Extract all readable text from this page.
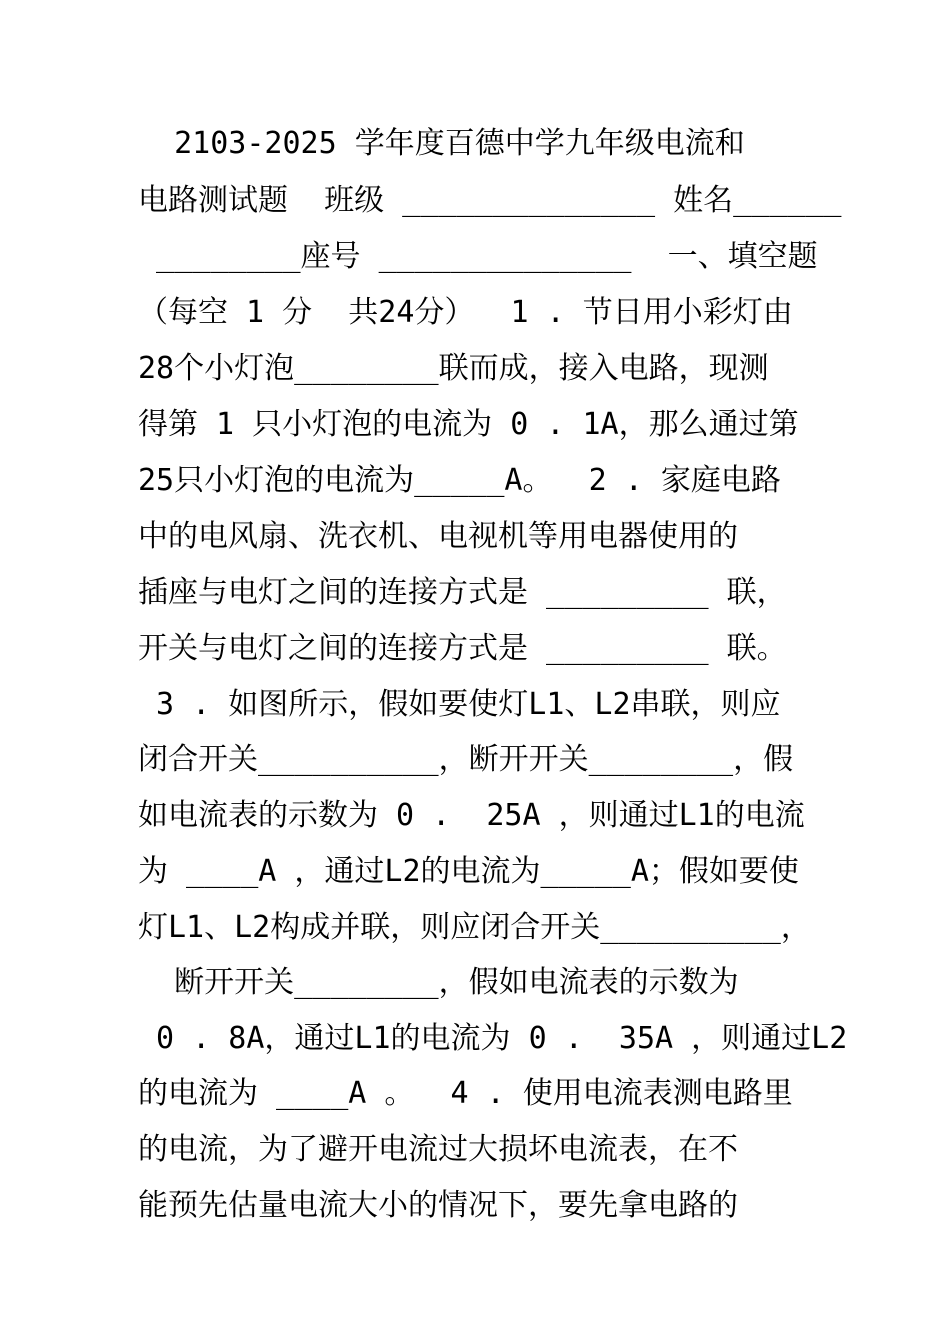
2103-2025 学年度百德中学九年级电流和
电路测试题  班级 ______________ 姓名______
________座号 ______________  一、填空题
（每空 1 分  共24分）  1 . 节日用小彩灯由
28个小灯泡________联而成，接入电路，现测
得第 1 只小灯泡的电流为 0 . 1A，那么通过第
25只小灯泡的电流为_____A。  2 . 家庭电路
中的电风扇、洗衣机、电视机等用电器使用的
插座与电灯之间的连接方式是 _________ 联，
开关与电灯之间的连接方式是 _________ 联。
3 . 如图所示，假如要使灯L1、L2串联，则应
闭合开关__________，断开开关________，假
如电流表的示数为 0 .  25A ，则通过L1的电流
为 ____A ，通过L2的电流为_____A；假如要使
灯L1、L2构成并联，则应闭合开关__________，
断开开关________，假如电流表的示数为
0 . 8A，通过L1的电流为 0 .  35A ，则通过L2
的电流为 ____A 。  4 . 使用电流表测电路里
的电流，为了避开电流过大损坏电流表，在不
能预先估量电流大小的情况下，要先拿电路的
